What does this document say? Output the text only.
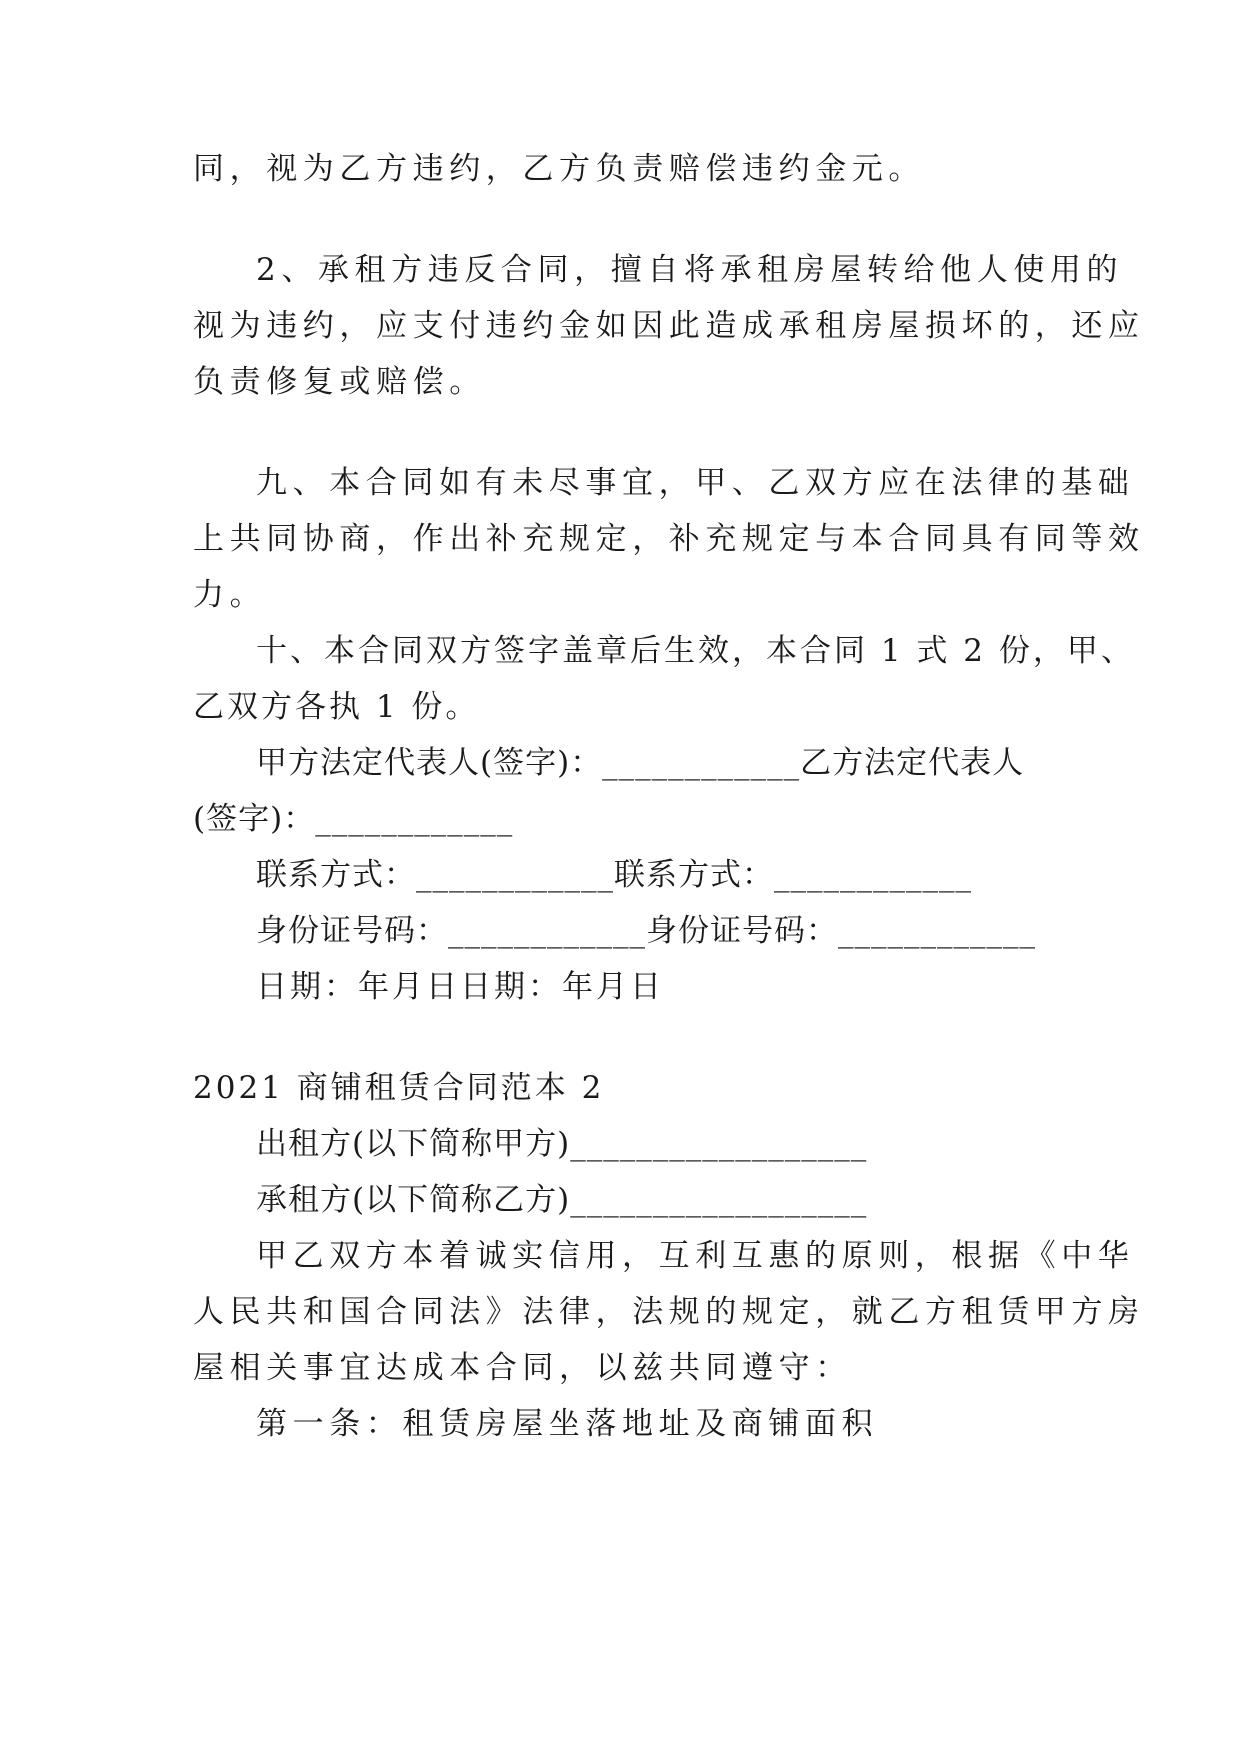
同，视为乙方违约，乙方负责赔偿违约金元。
2、承租方违反合同，擅自将承租房屋转给他人使用的
视为违约，应支付违约金如因此造成承租房屋损坏的，还应
负责修复或赔偿。
九、本合同如有未尽事宜，甲、乙双方应在法律的基础
上共同协商，作出补充规定，补充规定与本合同具有同等效
力。
十、本合同双方签字盖章后生效，本合同 1 式 2 份，甲、
乙双方各执 1 份。
甲方法定代表人(签字)：____________乙方法定代表人
(签字)：____________
联系方式：____________联系方式：____________
身份证号码：____________身份证号码：____________
日期：年月日日期：年月日
2021 商铺租赁合同范本 2
出租方(以下简称甲方)__________________
承租方(以下简称乙方)__________________
甲乙双方本着诚实信用，互利互惠的原则，根据《中华
人民共和国合同法》法律，法规的规定，就乙方租赁甲方房
屋相关事宜达成本合同，以兹共同遵守：
第一条：租赁房屋坐落地址及商铺面积
